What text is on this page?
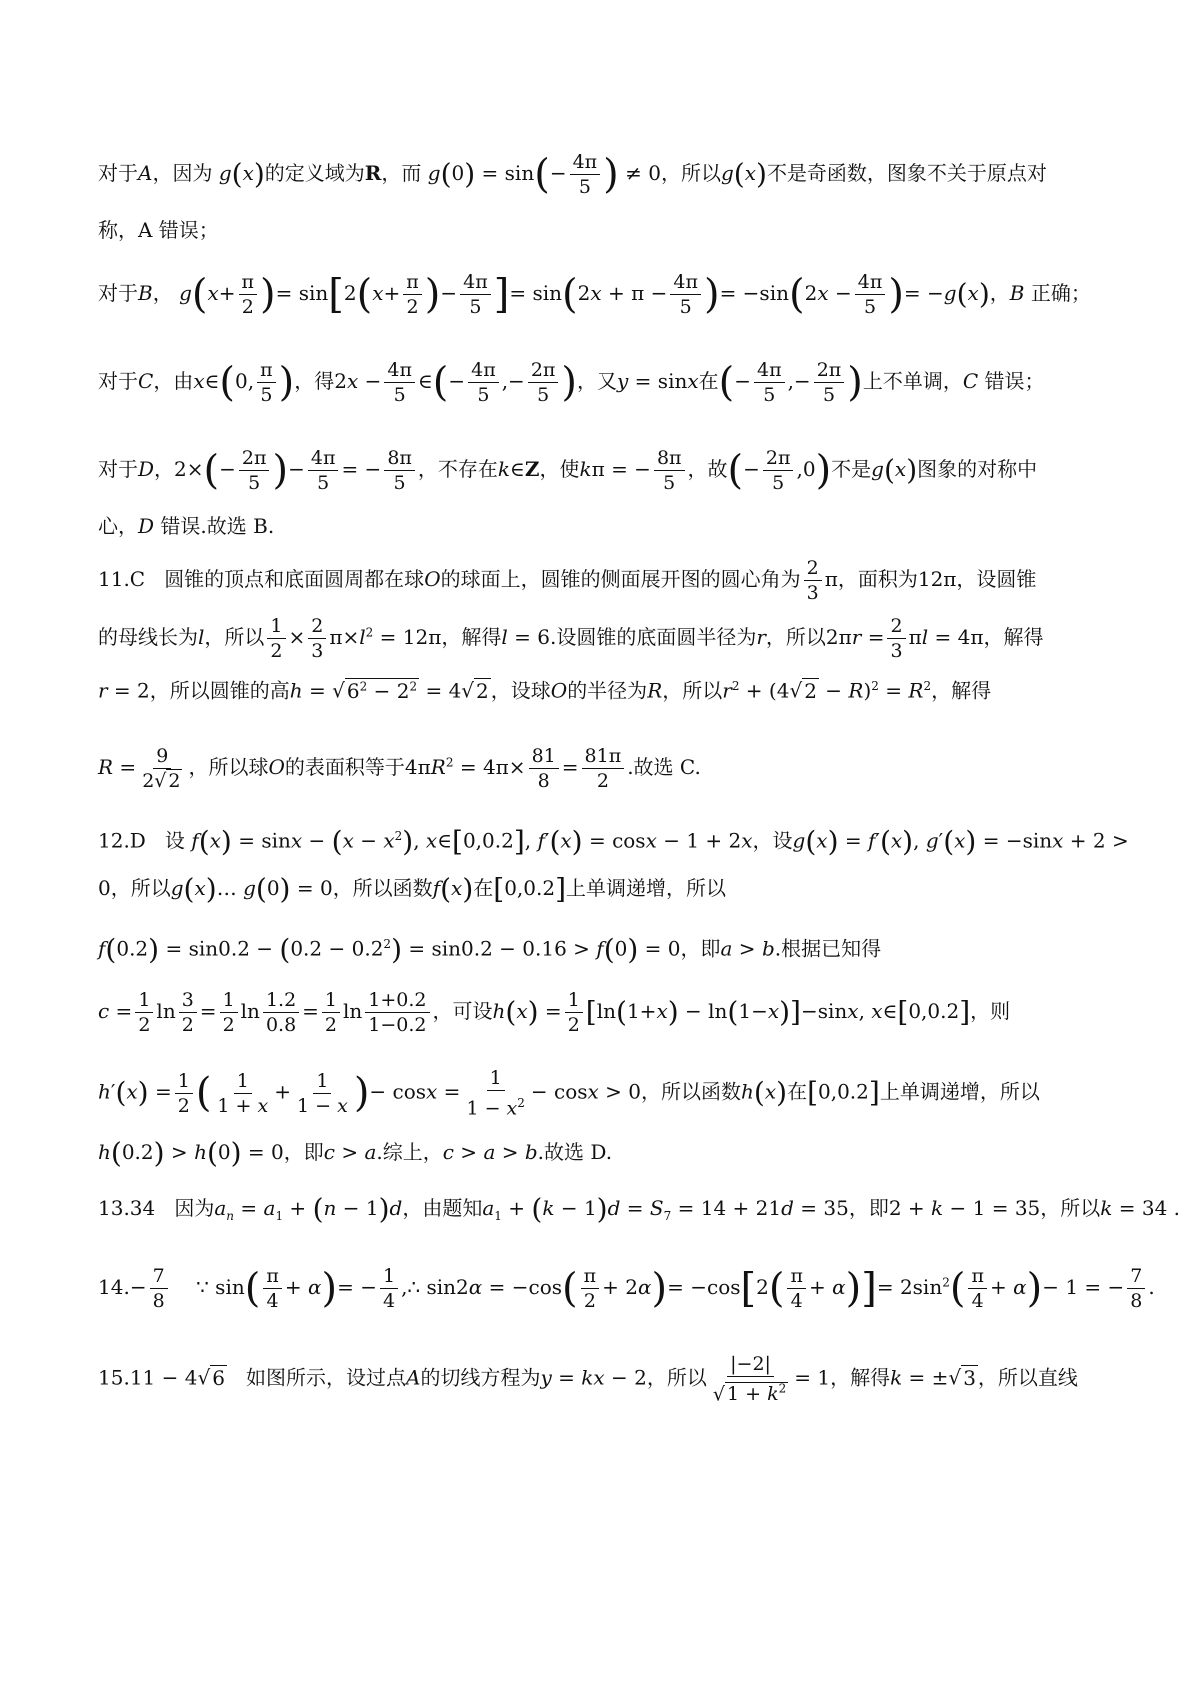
对于A，因为 g(x)的定义域为R，而 $g(0) = \sin(- \frac{4\pi}{5}$ ) ≠ 0，所以g(x)不是奇函数，图象不关于原点对
称，A 错误；
对于B， $g(x+ \frac{\pi}{2}$ )= $\sin[2(x+ \frac{\pi}{2}$ )− $\frac{4\pi}{5}$ ]= $\sin(2x + \pi - \frac{4\pi}{5}$ )= $-\sin(2x - \frac{4\pi}{5}$ )= −g(x)，B 正确；
对于C，由x∈(0, $\frac{\pi}{5}$ )，得$2x - \frac{4\pi}{5}$ ∈(− $\frac{4\pi}{5}$ ,− $\frac{2\pi}{5}$ )，又y = sinx在(− $\frac{4\pi}{5}$ ,− $\frac{2\pi}{5}$ )上不单调，C 错误；
对于D，$2\times(- \frac{2\pi}{5}$ )− $\frac{4\pi}{5}$ = − $\frac{8\pi}{5}$ ，不存在k∈Z，使kπ = − $\frac{8\pi}{5}$ ，故(− $\frac{2\pi}{5} ,0$)不是g(x)图象的对称中
心，D 错误.故选 B.
11.C 圆锥的顶点和底面圆周都在球O的球面上，圆锥的侧面展开图的圆心角为 $\frac{2}{3}$ π，面积为12π，设圆锥
的母线长为l，所以 $\frac{1}{2} \times \frac{2}{3} \pi\times l^2 = 12\pi$，解得l = 6.设圆锥的底面圆半径为r，所以$2\pi r = \frac{2}{3}$ πl = 4π，解得
r = 2，所以圆锥的高h = √ $6^2 - 2^2 = 4√$ 2 ，设球O的半径为R，所以$r^2 + (4√$ $2 - R)^2 = R^2$，解得
$R = \frac{9}{2√ 2}$ ，所以球O的表面积等于$4\pi R^2 = 4\pi\times \frac{81}{8} = \frac{81\pi}{2}$ .故选 C.
12.D 设 $f(x) = \sin x - (x - x^2)$, x∈[0,0.2], f′(x) = cosx − 1 + 2x，设g(x) = f′(x), g′(x) = −sinx + 2 >
0，所以g(x)… g(0) = 0，所以函数f(x)在[0,0.2]上单调递增，所以
$f(0.2) = \sin 0.2 - (0.2 - 0.2^2) = \sin 0.2 - 0.16 > f(0) = 0$，即a > b.根据已知得
$c = \frac{1}{2}$ $\ln \frac{3}{2} = \frac{1}{2}$ $\ln \frac{1.2}{0.8} = \frac{1}{2}$ $\ln \frac{1+0.2}{1-0.2}$ ，可设$h(x) = \frac{1}{2} [\ln(1+x) - \ln(1-x)]-\sin x$, x∈[0,0.2]，则
$h'(x) = \frac{1}{2}$ ( $\frac{1}{1 + x} + \frac{1}{1 - x}$ )− $\cos x = \frac{1}{1 - x^2} - \cos x > 0$，所以函数h(x)在[0,0.2]上单调递增，所以
h(0.2) > h(0) = 0，即c > a.综上，c > a > b.故选 D.
13.34 因为$a_n = a_1 + (n - 1)d$，由题知$a_1 + (k - 1)d = S_7 = 14 + 21d = 35$，即2 + k − 1 = 35，所以k = 34 .
$14.- \frac{7}{8}$ ∵ $\sin( \frac{\pi}{4} + \alpha)= - \frac{1}{4}$ ,∴ $\sin 2\alpha = -\cos( \frac{\pi}{2} + 2\alpha)= -\cos[2( \frac{\pi}{4} + \alpha)]= 2\sin^2( \frac{\pi}{4} + \alpha)- 1$ = − $\frac{7}{8}$ .
15.11 − 4√ 6 如图所示，设过点A的切线方程为y = kx − 2，所以 $\frac{|-2|}{√ 1 + k^2} = 1$，解得k = ±√ 3 ，所以直线
